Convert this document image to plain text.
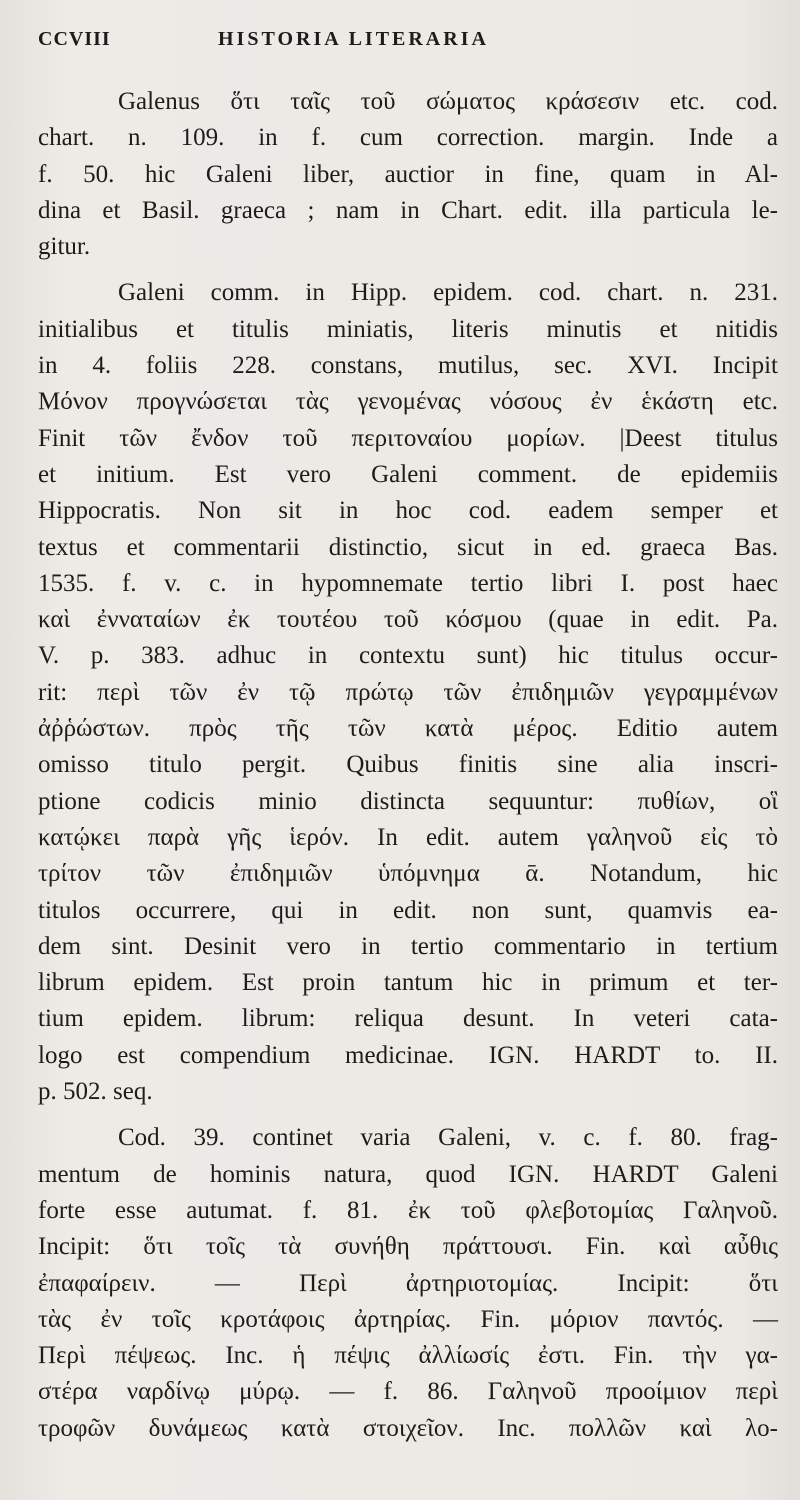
CCVIII	HISTORIA LITERARIA
Galenus ὅτι ταῖς τοῦ σώματος κράσεσιν etc. cod.
chart. n. 109. in f. cum correction. margin. Inde a
f. 50. hic Galeni liber, auctior in fine, quam in Al-
dina et Basil. graeca ; nam in Chart. edit. illa particula le-
gitur.
Galeni comm. in Hipp. epidem. cod. chart. n. 231.
initialibus et titulis miniatis, literis minutis et nitidis
in 4. foliis 228. constans, mutilus, sec. XVI. Incipit
Μόνον προγνώσεται τὰς γενομένας νόσους ἐν ἑκάστη etc.
Finit τῶν ἔνδον τοῦ περιτοναίου μορίων. |Deest titulus
et initium. Est vero Galeni comment. de epidemiis
Hippocratis. Non sit in hoc cod. eadem semper et
textus et commentarii distinctio, sicut in ed. graeca Bas.
1535. f. v. c. in hypomnemate tertio libri I. post haec
καὶ ἐνναταίων ἐκ τουτέου τοῦ κόσμου (quae in edit. Pa.
V. p. 383. adhuc in contextu sunt) hic titulus occur-
rit: περὶ τῶν ἐν τῷ πρώτῳ τῶν ἐπιδημιῶν γεγραμμένων
ἀῤῥώστων. πρὸς τῆς τῶν κατὰ μέρος. Editio autem
omisso titulo pergit. Quibus finitis sine alia inscri-
ptione codicis minio distincta sequuntur: πυθίων, οἳ
κατῴκει παρὰ γῆς ἱερόν. In edit. autem γαληνοῦ εἰς τὸ
τρίτον τῶν ἐπιδημιῶν ὑπόμνημα ᾱ. Notandum, hic
titulos occurrere, qui in edit. non sunt, quamvis ea-
dem sint. Desinit vero in tertio commentario in tertium
librum epidem. Est proin tantum hic in primum et ter-
tium epidem. librum: reliqua desunt. In veteri cata-
logo est compendium medicinae. IGN. HARDT to. II.
p. 502. seq.
Cod. 39. continet varia Galeni, v. c. f. 80. frag-
mentum de hominis natura, quod IGN. HARDT Galeni
forte esse autumat. f. 81. ἐκ τοῦ φλεβοτομίας Γαληνοῦ.
Incipit: ὅτι τοῖς τὰ συνήθη πράττουσι. Fin. καὶ αὖθις
ἐπαφαίρειν. — Περὶ ἀρτηριοτομίας. Incipit: ὅτι
τὰς ἐν τοῖς κροτάφοις ἀρτηρίας. Fin. μόριον παντός. —
Περὶ πέψεως. Inc. ἡ πέψις ἀλλίωσίς ἐστι. Fin. τὴν γα-
στέρα ναρδίνῳ μύρῳ. — f. 86. Γαληνοῦ προοίμιον περὶ
τροφῶν δυνάμεως κατὰ στοιχεῖον. Inc. πολλῶν καὶ λο-
